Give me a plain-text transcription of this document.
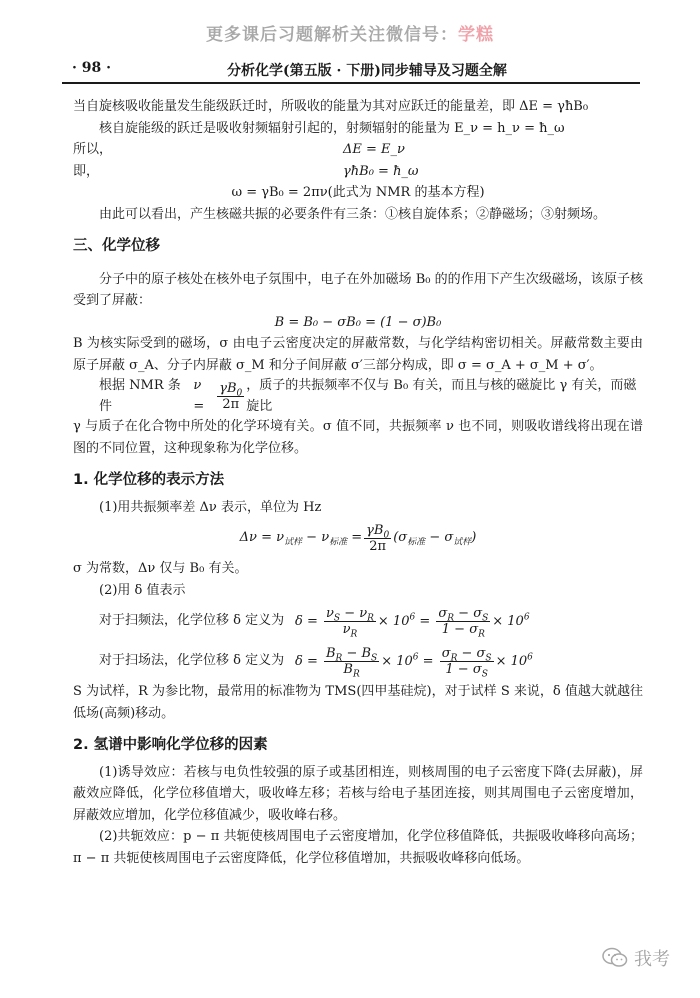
更多课后习题解析关注微信号：学糕
· 98 ·	分析化学(第五版 · 下册)同步辅导及习题全解

当自旋核吸收能量发生能级跃迁时，所吸收的能量为其对应跃迁的能量差，即 ΔE = γħB₀

核自旋能级的跃迁是吸收射频辐射引起的，射频辐射的能量为 E_ν = h_ν = ħ_ω

所以，	ΔE = E_ν

即，	γħB₀ = ħ_ω

ω = γB₀ = 2πν(此式为 NMR 的基本方程)

由此可以看出，产生核磁共振的必要条件有三条：①核自旋体系；②静磁场；③射频场。

三、化学位移

分子中的原子核处在核外电子氛围中，电子在外加磁场 B₀ 的的作用下产生次级磁场，该原子核受到了屏蔽：

B = B₀ − σB₀ = (1 − σ)B₀

B 为核实际受到的磁场，σ 由电子云密度决定的屏蔽常数，与化学结构密切相关。屏蔽常数主要由原子屏蔽 σ_A、分子内屏蔽 σ_M 和分子间屏蔽 σ′三部分构成，即 σ = σ_A + σ_M + σ′。

根据 NMR 条件
$\nu = \frac{\gamma B_0}{2\pi}$ ，质子的共振频率不仅与 B₀ 有关，而且与核的磁旋比 γ 有关，而磁旋比

γ 与质子在化合物中所处的化学环境有关。σ 值不同，共振频率 ν 也不同，则吸收谱线将出现在谱图的不同位置，这种现象称为化学位移。

1. 化学位移的表示方法

(1)用共振频率差 Δν 表示，单位为 Hz

$\Delta\nu = \nu_{试样} - \nu_{标准} = \frac{\gamma B_0}{2\pi} (\sigma_{标准} - \sigma_{试样})$

σ 为常数，Δν 仅与 B₀ 有关。

(2)用 δ 值表示

对于扫频法，化学位移 δ 定义为 $\delta = \frac{\nu_S - \nu_R}{\nu_R} \times 10^6 = \frac{\sigma_R - \sigma_S}{1 - \sigma_R} \times 10^6$
对于扫场法，化学位移 δ 定义为 $\delta = \frac{B_R - B_S}{B_R} \times 10^6 = \frac{\sigma_R - \sigma_S}{1 - \sigma_S} \times 10^6$

S 为试样，R 为参比物，最常用的标准物为 TMS(四甲基硅烷)，对于试样 S 来说，δ 值越大就越往低场(高频)移动。

2. 氢谱中影响化学位移的因素

(1)诱导效应：若核与电负性较强的原子或基团相连，则核周围的电子云密度下降(去屏蔽)，屏蔽效应降低，化学位移值增大，吸收峰左移；若核与给电子基团连接，则其周围电子云密度增加，屏蔽效应增加，化学位移值减少，吸收峰右移。

(2)共轭效应：p − π 共轭使核周围电子云密度增加，化学位移值降低，共振吸收峰移向高场；π − π 共轭使核周围电子云密度降低，化学位移值增加，共振吸收峰移向低场。

我考
